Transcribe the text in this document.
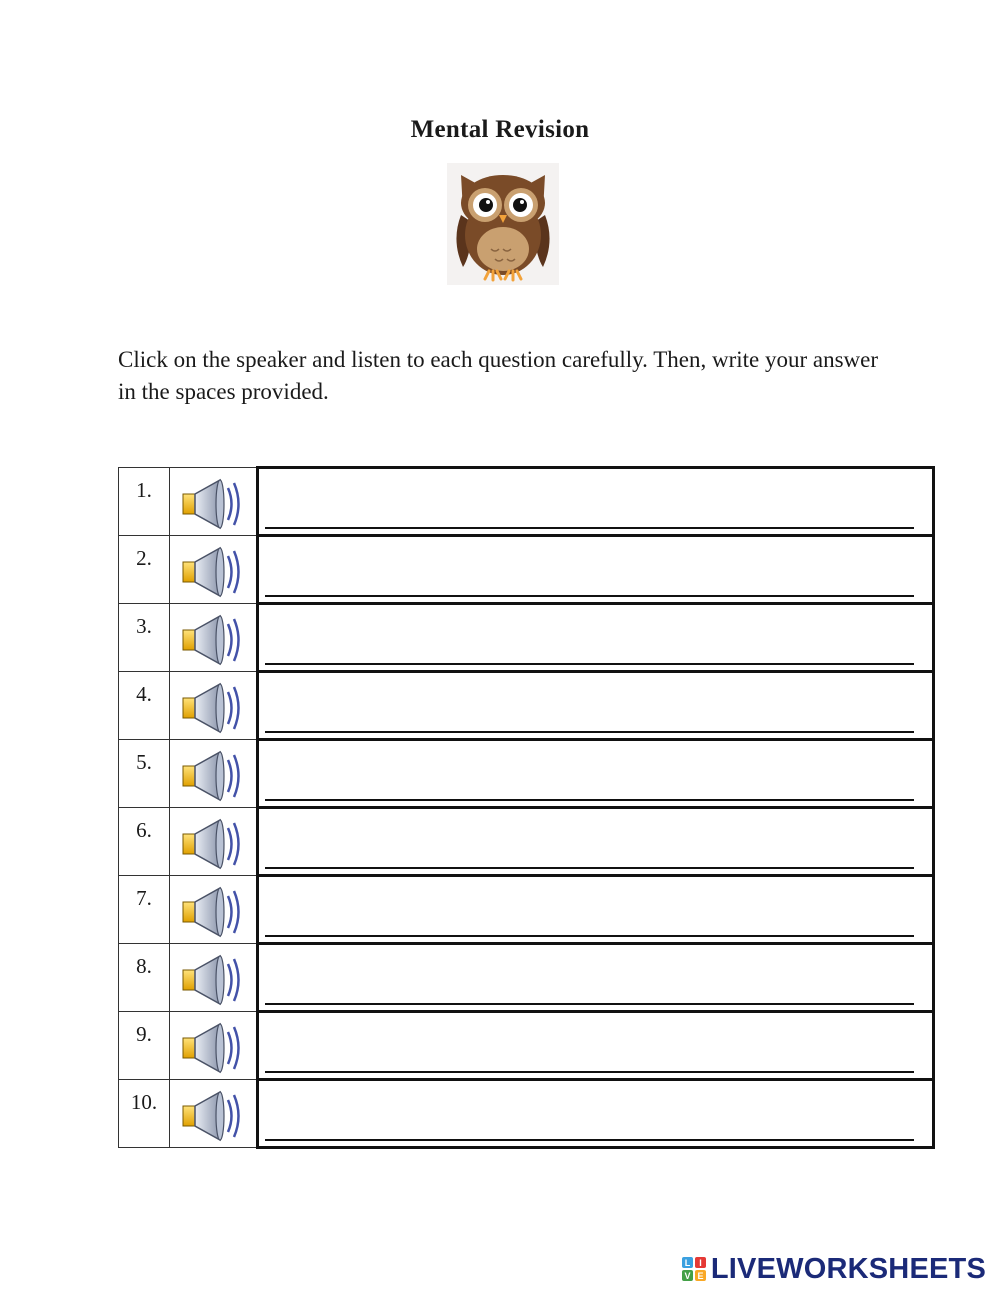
Mental Revision
Click on the speaker and listen to each question carefully. Then, write your answer in the spaces provided.
1.	

2.	

3.	

4.	

5.	

6.	

7.	

8.	

9.	

10.	

L I
V E LIVEWORKSHEETS
